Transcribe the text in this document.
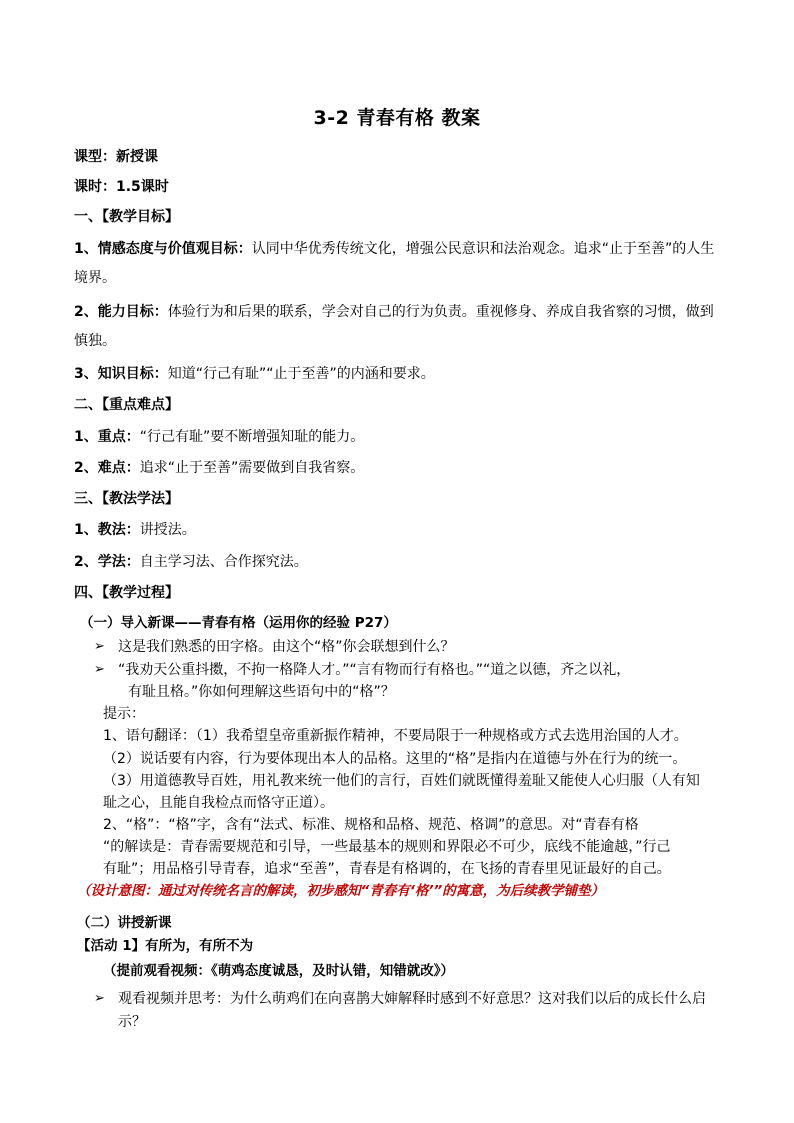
3-2 青春有格 教案
课型：新授课
课时：1.5课时
一、【教学目标】
1、情感态度与价值观目标：认同中华优秀传统文化，增强公民意识和法治观念。追求“止于至善”的人生
境界。
2、能力目标：体验行为和后果的联系，学会对自己的行为负责。重视修身、养成自我省察的习惯，做到
慎独。
3、知识目标：知道“行己有耻”“止于至善”的内涵和要求。
二、【重点难点】
1、重点：“行己有耻”要不断增强知耻的能力。
2、难点：追求“止于至善”需要做到自我省察。
三、【教法学法】
1、教法：讲授法。
2、学法：自主学习法、合作探究法。
四、【教学过程】
（一）导入新课——青春有格（运用你的经验 P27）
➢ 这是我们熟悉的田字格。由这个“格”你会联想到什么？
➢ “我劝天公重抖擞，不拘一格降人才。”“言有物而行有格也。”“道之以德，齐之以礼，
有耻且格。”你如何理解这些语句中的“格”？
提示：
1、语句翻译：（1）我希望皇帝重新振作精神，不要局限于一种规格或方式去选用治国的人才。
（2）说话要有内容，行为要体现出本人的品格。这里的“格”是指内在道德与外在行为的统一。
（3）用道德教导百姓，用礼教来统一他们的言行，百姓们就既懂得羞耻又能使人心归服（人有知
耻之心，且能自我检点而恪守正道）。
2、“格”：“格”字，含有“法式、标准、规格和品格、规范、格调”的意思。对“青春有格
“的解读是：青春需要规范和引导，一些最基本的规则和界限必不可少，底线不能逾越，”行己
有耻”；用品格引导青春，追求“至善”，青春是有格调的，在飞扬的青春里见证最好的自己。
（设计意图：通过对传统名言的解读，初步感知“青春有‘格’”的寓意，为后续教学铺垫）
（二）讲授新课
【活动 1】有所为，有所不为
（提前观看视频：《萌鸡态度诚恳，及时认错，知错就改》）
➢ 观看视频并思考：为什么萌鸡们在向喜鹊大婶解释时感到不好意思？这对我们以后的成长什么启
示？
